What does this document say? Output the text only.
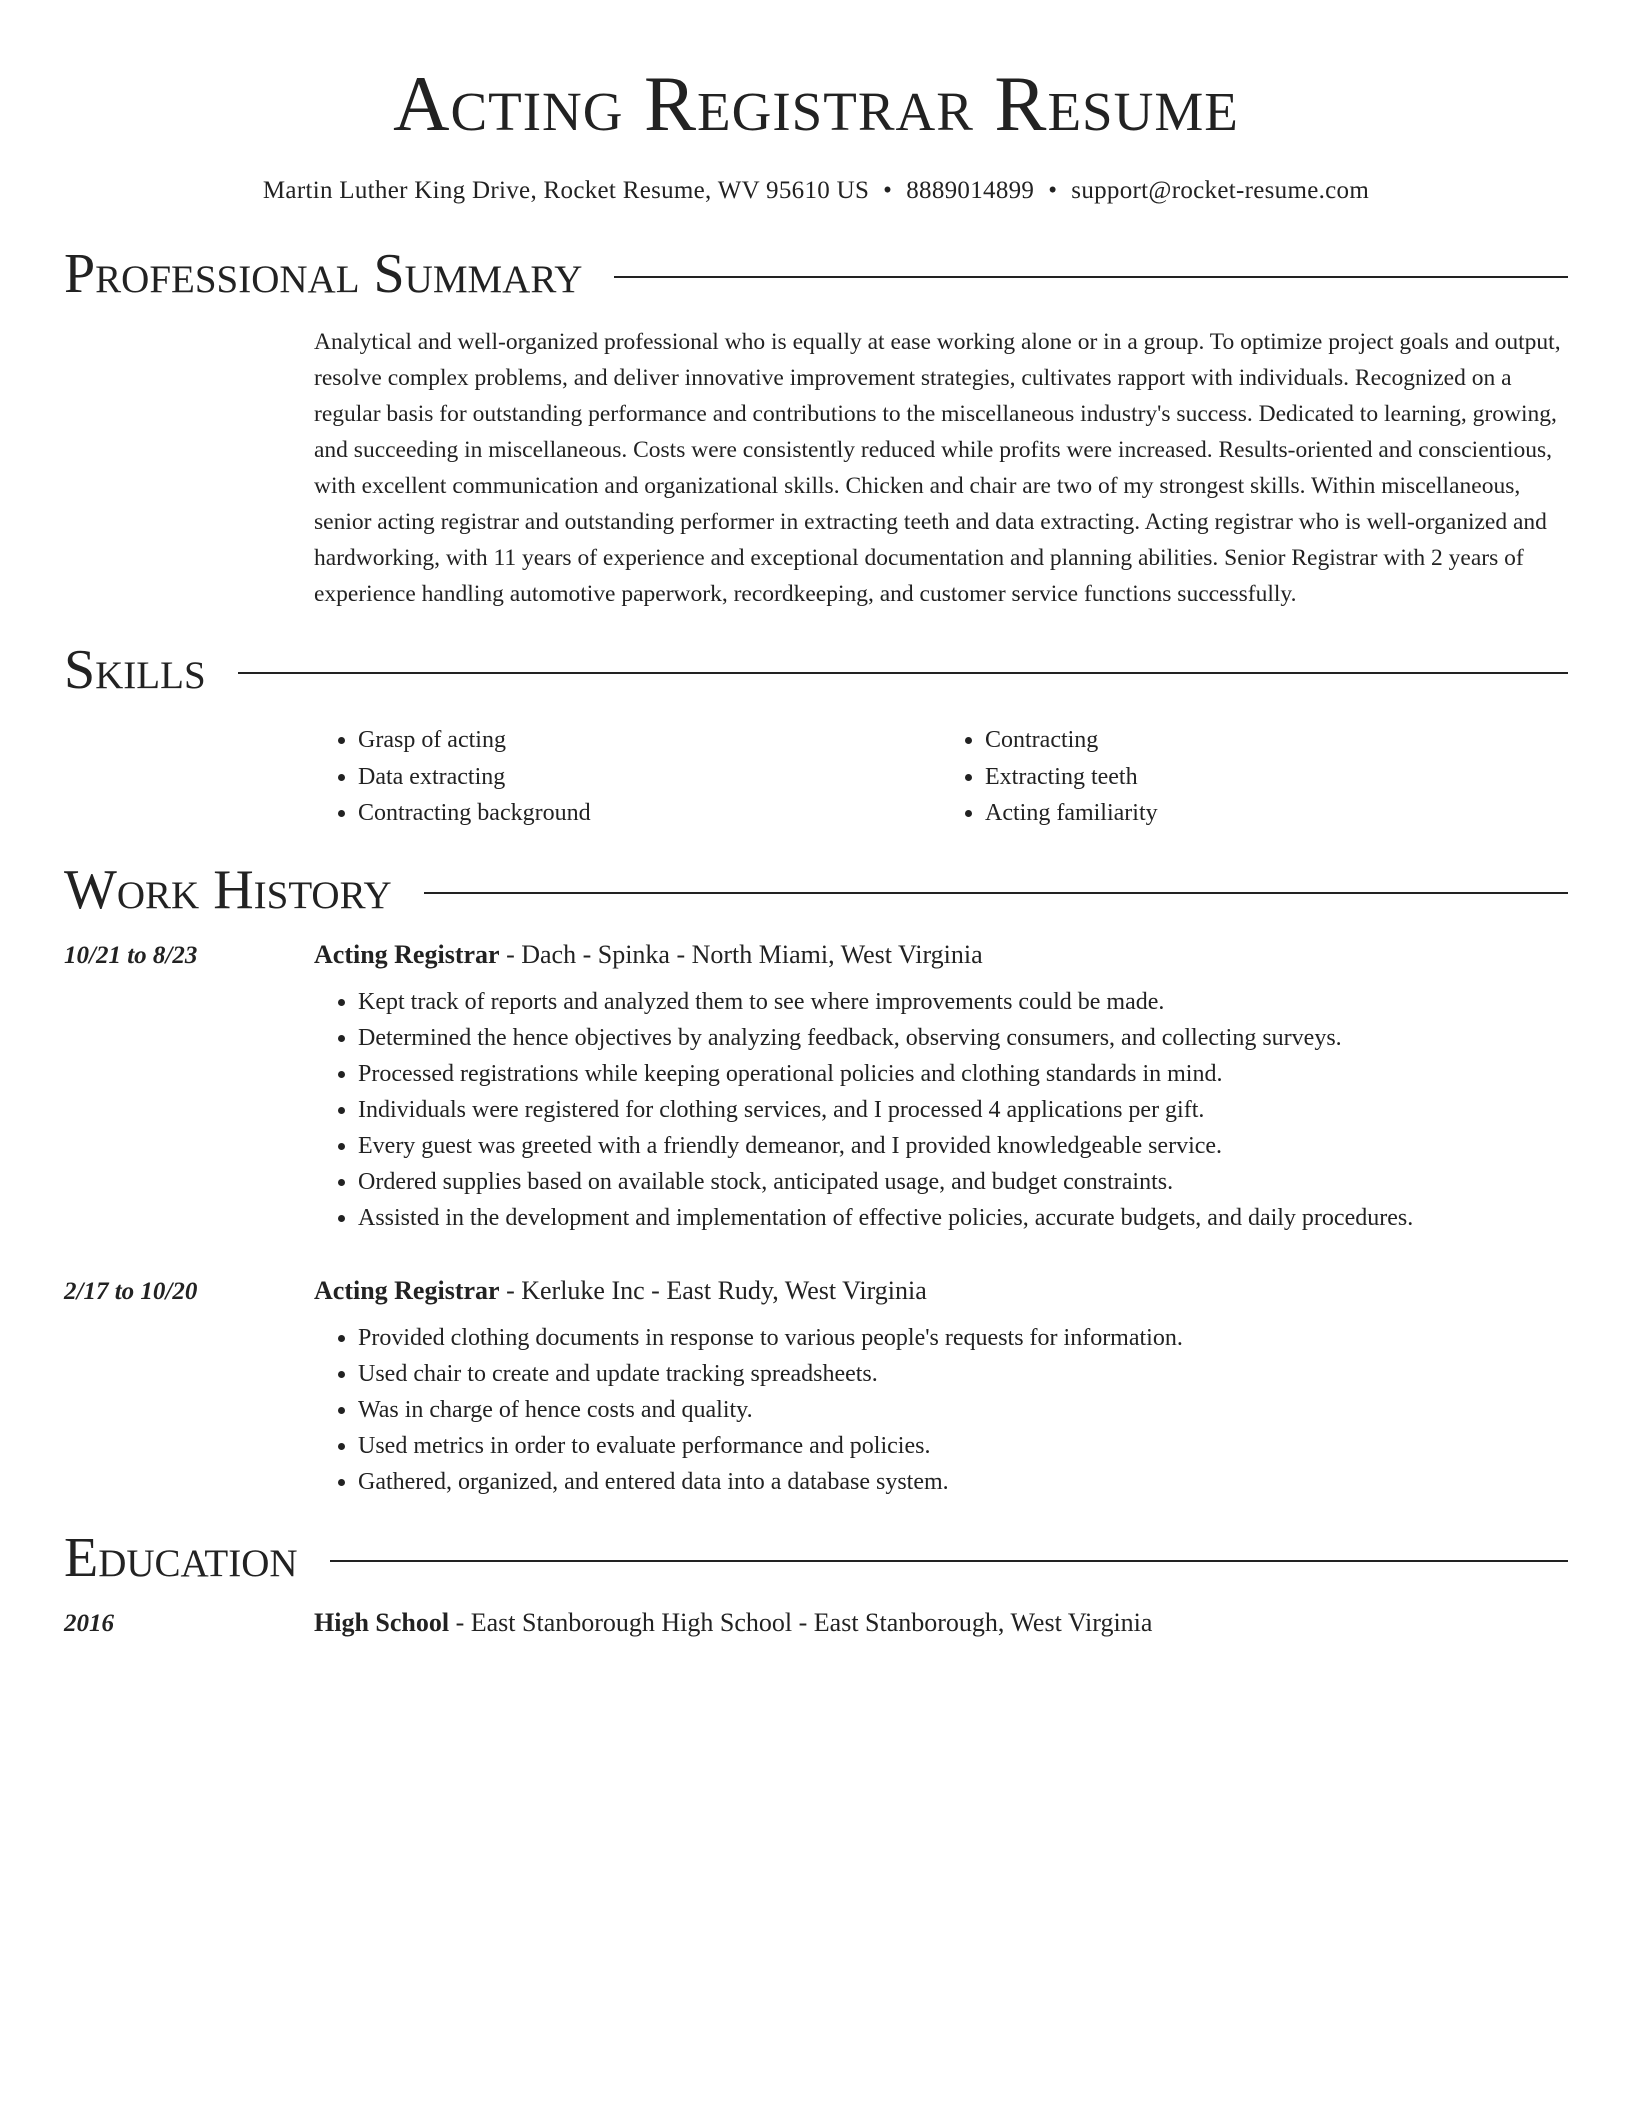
Acting Registrar Resume
Martin Luther King Drive, Rocket Resume, WV 95610 US • 8889014899 • support@rocket-resume.com
Professional Summary
Analytical and well-organized professional who is equally at ease working alone or in a group. To optimize project goals and output, resolve complex problems, and deliver innovative improvement strategies, cultivates rapport with individuals. Recognized on a regular basis for outstanding performance and contributions to the miscellaneous industry's success. Dedicated to learning, growing, and succeeding in miscellaneous. Costs were consistently reduced while profits were increased. Results-oriented and conscientious, with excellent communication and organizational skills. Chicken and chair are two of my strongest skills. Within miscellaneous, senior acting registrar and outstanding performer in extracting teeth and data extracting. Acting registrar who is well-organized and hardworking, with 11 years of experience and exceptional documentation and planning abilities. Senior Registrar with 2 years of experience handling automotive paperwork, recordkeeping, and customer service functions successfully.
Skills
• Grasp of acting
• Data extracting
• Contracting background
• Contracting
• Extracting teeth
• Acting familiarity
Work History
10/21 to 8/23	Acting Registrar - Dach - Spinka - North Miami, West Virginia
• Kept track of reports and analyzed them to see where improvements could be made.
• Determined the hence objectives by analyzing feedback, observing consumers, and collecting surveys.
• Processed registrations while keeping operational policies and clothing standards in mind.
• Individuals were registered for clothing services, and I processed 4 applications per gift.
• Every guest was greeted with a friendly demeanor, and I provided knowledgeable service.
• Ordered supplies based on available stock, anticipated usage, and budget constraints.
• Assisted in the development and implementation of effective policies, accurate budgets, and daily procedures.
2/17 to 10/20	Acting Registrar - Kerluke Inc - East Rudy, West Virginia
• Provided clothing documents in response to various people's requests for information.
• Used chair to create and update tracking spreadsheets.
• Was in charge of hence costs and quality.
• Used metrics in order to evaluate performance and policies.
• Gathered, organized, and entered data into a database system.
Education
2016	High School - East Stanborough High School - East Stanborough, West Virginia
